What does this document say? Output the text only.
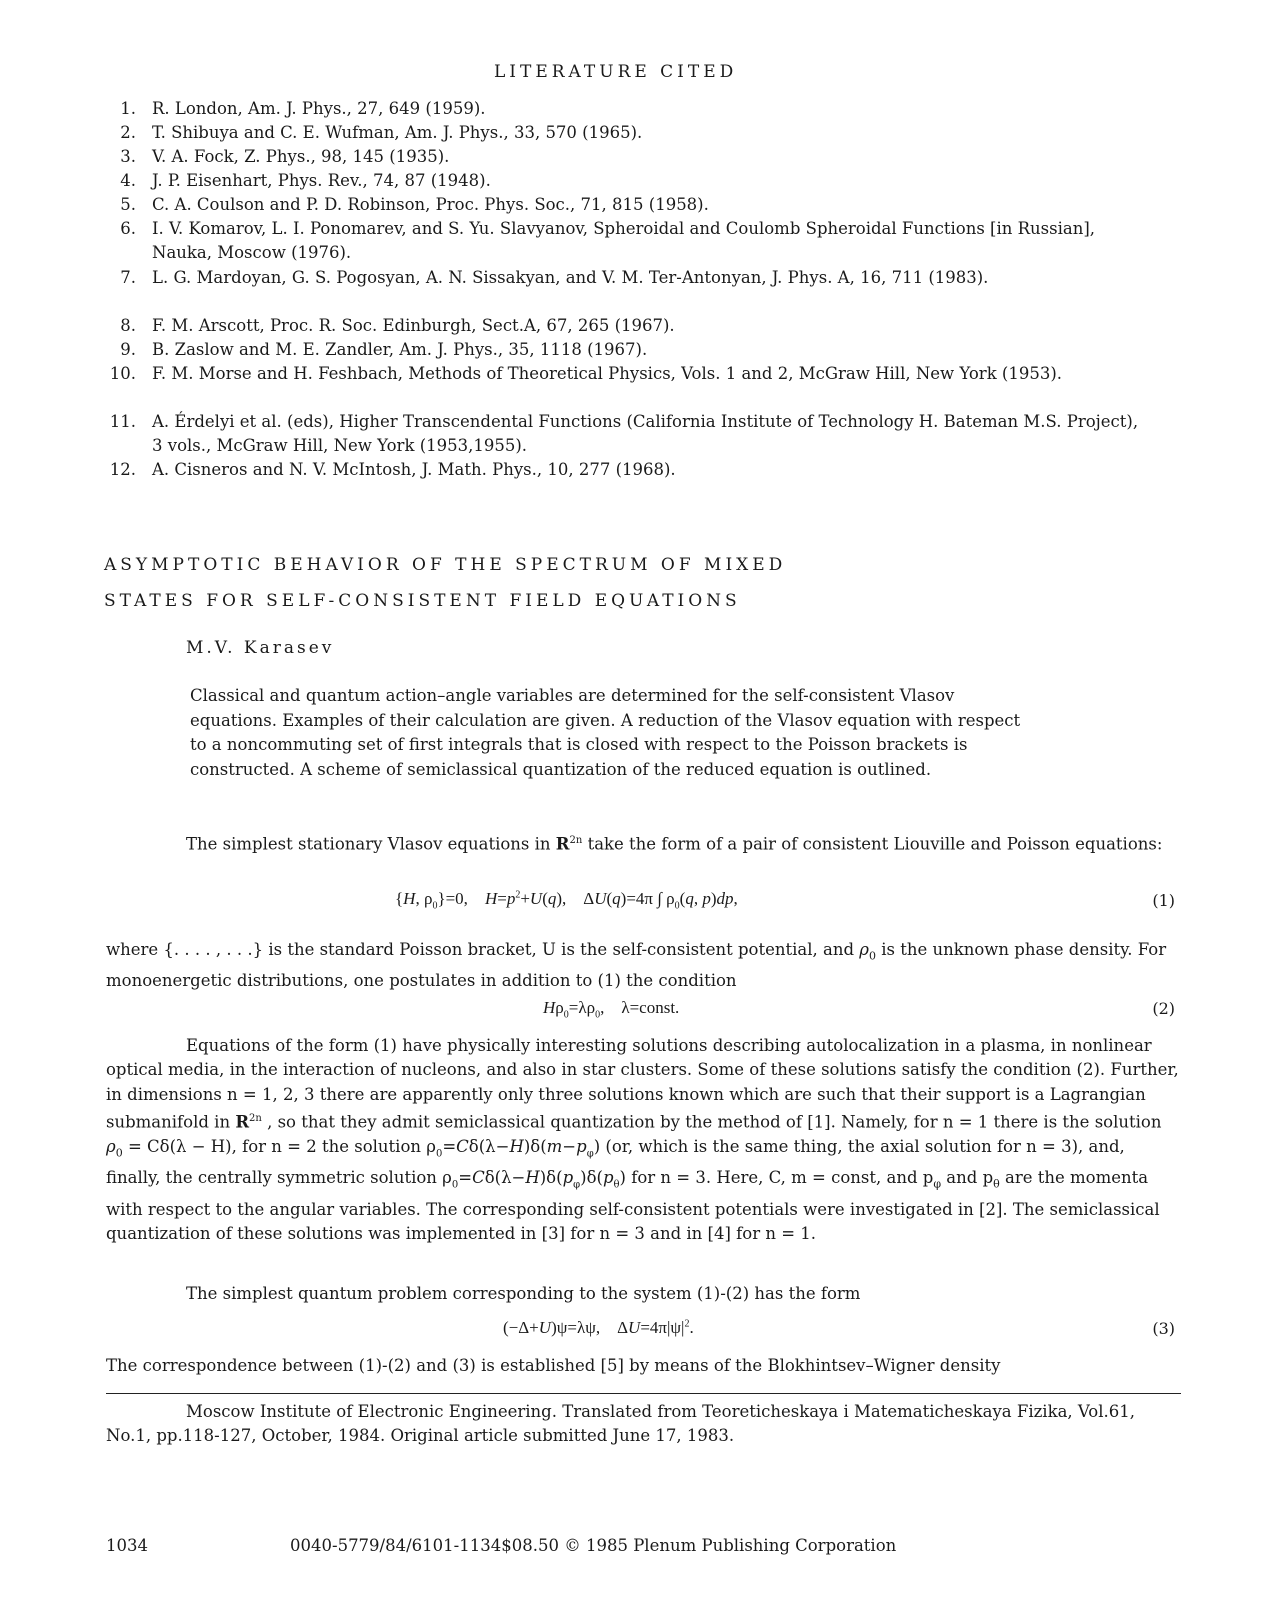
LITERATURE CITED
1. R. London, Am. J. Phys., 27, 649 (1959).
2. T. Shibuya and C. E. Wufman, Am. J. Phys., 33, 570 (1965).
3. V. A. Fock, Z. Phys., 98, 145 (1935).
4. J. P. Eisenhart, Phys. Rev., 74, 87 (1948).
5. C. A. Coulson and P. D. Robinson, Proc. Phys. Soc., 71, 815 (1958).
6. I. V. Komarov, L. I. Ponomarev, and S. Yu. Slavyanov, Spheroidal and Coulomb Spheroidal Functions [in Russian], Nauka, Moscow (1976).
7. L. G. Mardoyan, G. S. Pogosyan, A. N. Sissakyan, and V. M. Ter-Antonyan, J. Phys. A, 16, 711 (1983).
8. F. M. Arscott, Proc. R. Soc. Edinburgh, Sect.A, 67, 265 (1967).
9. B. Zaslow and M. E. Zandler, Am. J. Phys., 35, 1118 (1967).
10. F. M. Morse and H. Feshbach, Methods of Theoretical Physics, Vols. 1 and 2, McGraw Hill, New York (1953).
11. A. Érdelyi et al. (eds), Higher Transcendental Functions (California Institute of Technology H. Bateman M.S. Project), 3 vols., McGraw Hill, New York (1953,1955).
12. A. Cisneros and N. V. McIntosh, J. Math. Phys., 10, 277 (1968).
ASYMPTOTIC BEHAVIOR OF THE SPECTRUM OF MIXED
STATES FOR SELF-CONSISTENT FIELD EQUATIONS
M.V. Karasev
Classical and quantum action–angle variables are determined for the self-consistent Vlasov equations. Examples of their calculation are given. A reduction of the Vlasov equation with respect to a noncommuting set of first integrals that is closed with respect to the Poisson brackets is constructed. A scheme of semiclassical quantization of the reduced equation is outlined.
The simplest stationary Vlasov equations in $R^{2n}$ take the form of a pair of consistent Liouville and Poisson equations:
{H, $\rho_0\}=0$,    $H=p^2+U(q)$,    ΔU(q)=4π ∫ $\rho_0(q$, p)dp,	(1)
where {. . . . , . . .} is the standard Poisson bracket, U is the self-consistent potential, and $\rho_0$ is the unknown phase density. For monoenergetic distributions, one postulates in addition to (1) the condition
$H\rho_0=\lambda\rho_0$,    λ=const.	(2)
Equations of the form (1) have physically interesting solutions describing autolocalization in a plasma, in nonlinear optical media, in the interaction of nucleons, and also in star clusters. Some of these solutions satisfy the condition (2). Further, in dimensions n = 1, 2, 3 there are apparently only three solutions known which are such that their support is a Lagrangian submanifold in $R^{2n}$ , so that they admit semiclassical quantization by the method of [1]. Namely, for n = 1 there is the solution $\rho_0 = C\delta(\lambda - H)$, for n = 2 the solution $\rho_0=C\delta(\lambda-H)\delta(m-p_\varphi)$ (or, which is the same thing, the axial solution for n = 3), and, finally, the centrally symmetric solution $\rho_0=C\delta(\lambda-H)\delta(p_\varphi)\delta(p_\theta)$ for n = 3. Here, C, m = const, and $p_\varphi$ and $p_\theta$ are the momenta with respect to the angular variables. The corresponding self-consistent potentials were investigated in [2]. The semiclassical quantization of these solutions was implemented in [3] for n = 3 and in [4] for n = 1.
The simplest quantum problem corresponding to the system (1)-(2) has the form
(−Δ+U)ψ=λψ,    $\Delta U=4\pi|\psi|^2$.	(3)
The correspondence between (1)-(2) and (3) is established [5] by means of the Blokhintsev–Wigner density
Moscow Institute of Electronic Engineering. Translated from Teoreticheskaya i Matematicheskaya Fizika, Vol.61, No.1, pp.118-127, October, 1984. Original article submitted June 17, 1983.
1034	0040-5779/84/6101-1134$08.50 © 1985 Plenum Publishing Corporation
